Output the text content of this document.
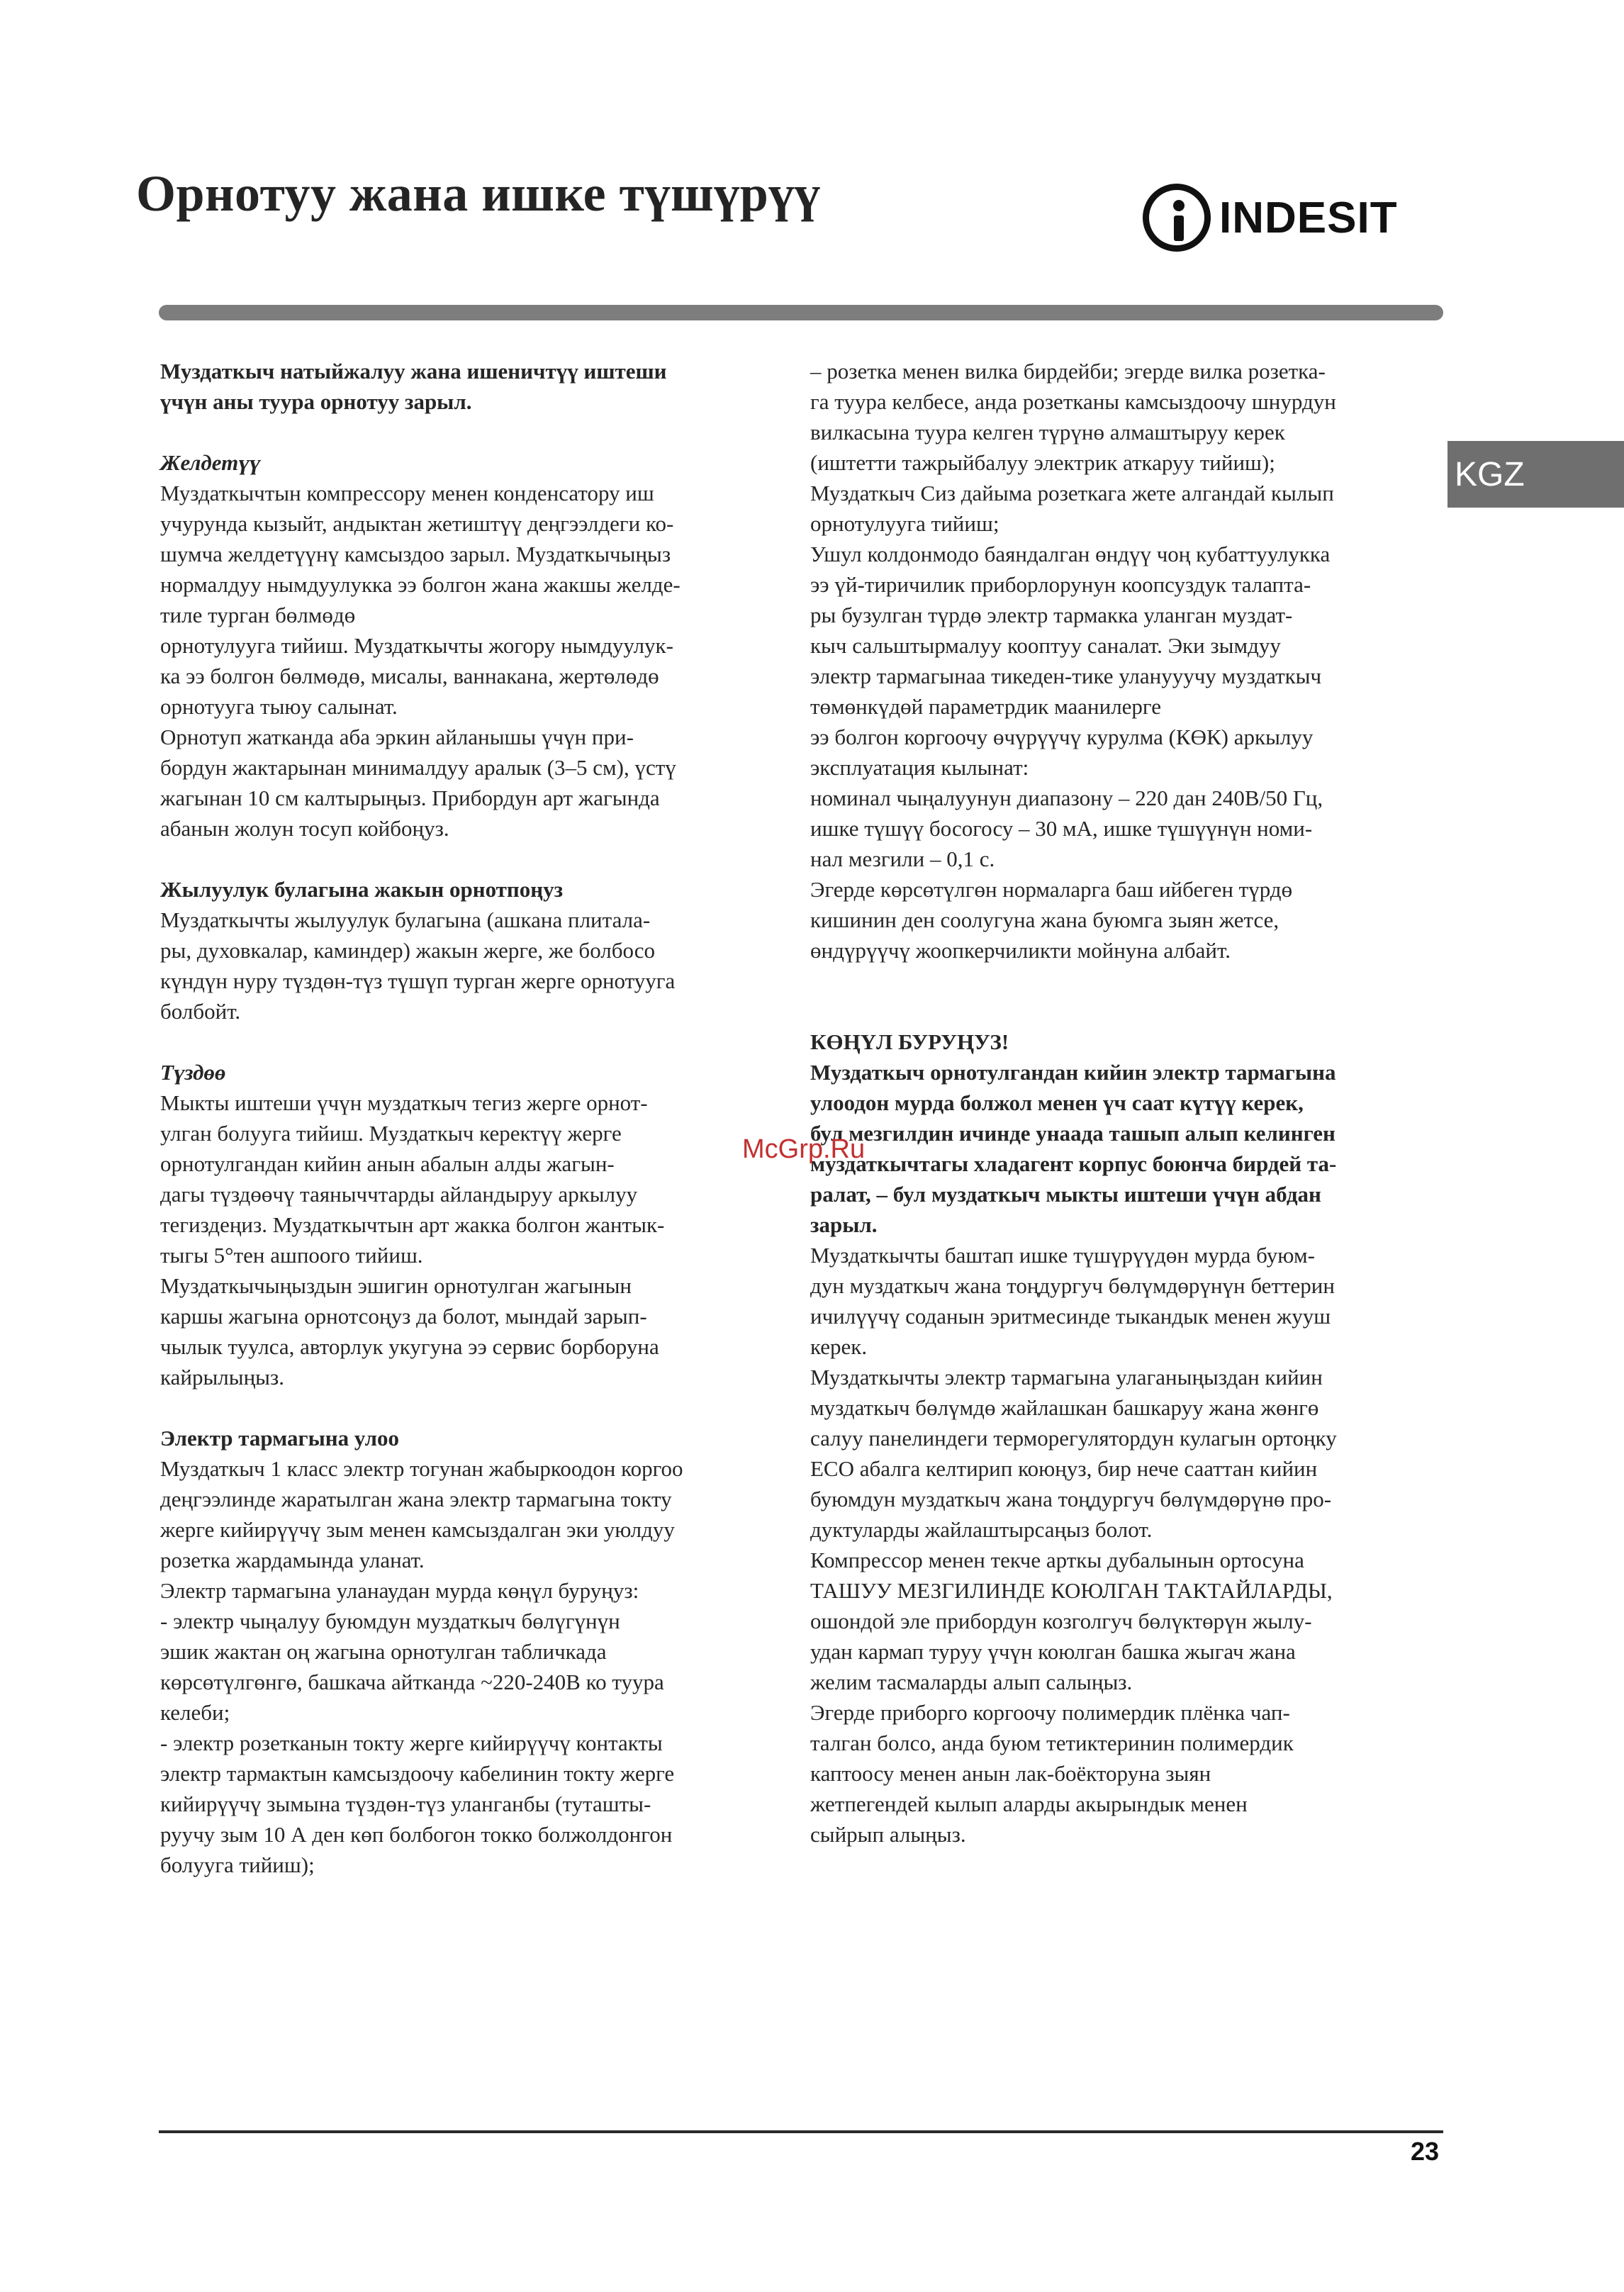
Орнотуу жана ишке түшүрүү	INDESIT
KGZ

Муздаткыч натыйжалуу жана ишеничтүү иштеши

үчүн аны туура орнотуу зарыл.

Желдетүү

Муздаткычтын компрессору менен конденсатору иш

учурунда кызыйт, андыктан жетиштүү деңгээлдеги ко-

шумча желдетүүнү камсыздоо зарыл. Муздаткычыңыз

нормалдуу нымдуулукка ээ болгон жана жакшы желде-

тиле турган бөлмөдө

орнотулууга тийиш. Муздаткычты жогору нымдуулук-

ка ээ болгон бөлмөдө, мисалы, ваннакана, жертөлөдө

орнотууга тыюу салынат.

Орнотуп жатканда аба эркин айланышы үчүн при-

бордун жактарынан минималдуу аралык (3–5 см), үстү

жагынан 10 см калтырыңыз. Прибордун арт жагында

абанын жолун тосуп койбоңуз.

Жылуулук булагына жакын орнотпоңуз

Муздаткычты жылуулук булагына (ашкана плитала-

ры, духовкалар, каминдер) жакын жерге, же болбосо

күндүн нуру түздөн-түз түшүп турган жерге орнотууга

болбойт.

Түздөө

Мыкты иштеши үчүн муздаткыч тегиз жерге орнот-

улган болууга тийиш. Муздаткыч керектүү жерге

орнотулгандан кийин анын абалын алды жагын-

дагы түздөөчү таяныччтарды айландыруу аркылуу

тегиздеңиз. Муздаткычтын арт жакка болгон жантык-

тыгы 5°тен ашпоого тийиш.

Муздаткычыңыздын эшигин орнотулган жагынын

каршы жагына орнотсоңуз да болот, мындай зарып-

чылык туулса, авторлук укугуна ээ сервис борборуна

кайрылыңыз.

Электр тармагына улоо

Муздаткыч 1 класс электр тогунан жабыркоодон коргоо

деңгээлинде жаратылган жана электр тармагына токту

жерге кийирүүчү зым менен камсыздалган эки уюлдуу

розетка жардамында уланат.

Электр тармагына уланаудан мурда көңүл буруңуз:

- электр чыңалуу буюмдун муздаткыч бөлүгүнүн

эшик жактан оң жагына орнотулган табличкада

көрсөтүлгөнгө, башкача айтканда ~220-240В ко туура

келеби;

- электр розетканын токту жерге кийирүүчү контакты

электр тармактын камсыздоочу кабелинин токту жерге

кийирүүчү зымына түздөн-түз уланганбы (туташты-

руучу зым 10 А ден көп болбогон токко болжолдонгон

болууга тийиш);

– розетка менен вилка бирдейби; эгерде вилка розетка-

га туура келбесе, анда розетканы камсыздоочу шнурдун

вилкасына туура келген түрүнө алмаштыруу керек

(иштетти тажрыйбалуу электрик аткаруу тийиш);

Муздаткыч Сиз дайыма розеткага жете алгандай кылып

орнотулууга тийиш;

Ушул колдонмодо баяндалган өндүү чоң кубаттуулукка

ээ үй-тиричилик приборлорунун коопсуздук талапта-

ры бузулган түрдө электр тармакка уланган муздат-

кыч сальштырмалуу кооптуу саналат. Эки зымдуу

электр тармагынаа тикеден-тике уланууучу муздаткыч

төмөнкүдөй параметрдик маанилерге

ээ болгон коргоочу өчүрүүчү курулма (КӨК) аркылуу

эксплуатация кылынат:

номинал чыңалуунун диапазону – 220 дан 240В/50 Гц,

ишке түшүү босогосу – 30 мА, ишке түшүүнүн номи-

нал мезгили – 0,1 с.

Эгерде көрсөтүлгөн нормаларга баш ийбеген түрдө

кишинин ден соолугуна жана буюмга зыян жетсе,

өндүрүүчү жоопкерчиликти мойнуна албайт.

КӨҢҮЛ БУРУҢУЗ!

Муздаткыч орнотулгандан кийин электр тармагына

улоодон мурда болжол менен үч саат күтүү керек,

бул мезгилдин ичинде унаада ташып алып келинген

муздаткычтагы хладагент корпус боюнча бирдей та-

ралат, – бул муздаткыч мыкты иштеши үчүн абдан

зарыл.

Муздаткычты баштап ишке түшүрүүдөн мурда буюм-

дун муздаткыч жана тоңдургуч бөлүмдөрүнүн беттерин

ичилүүчү соданын эритмесинде тыкандык менен жууш

керек.

Муздаткычты электр тармагына улаганыңыздан кийин

муздаткыч бөлүмдө жайлашкан башкаруу жана жөнгө

салуу панелиндеги терморегулятордун кулагын ортоңку

ECO абалга келтирип коюңуз, бир нече сааттан кийин

буюмдун муздаткыч жана тоңдургуч бөлүмдөрүнө про-

дуктуларды жайлаштырсаңыз болот.

Компрессор менен текче арткы дубалынын ортосуна

ТАШУУ МЕЗГИЛИНДЕ КОЮЛГАН ТАКТАЙЛАРДЫ,

ошондой эле прибордун козголгуч бөлүктөрүн жылу-

удан кармап туруу үчүн коюлган башка жыгач жана

желим тасмаларды алып салыңыз.

Эгерде приборго коргоочу полимердик плёнка чап-

талган болсо, анда буюм тетиктеринин полимердик

каптоосу менен анын лак-боёкторуна зыян

жетпегендей кылып аларды акырындык менен

сыйрып алыңыз.

McGrp.Ru
23
